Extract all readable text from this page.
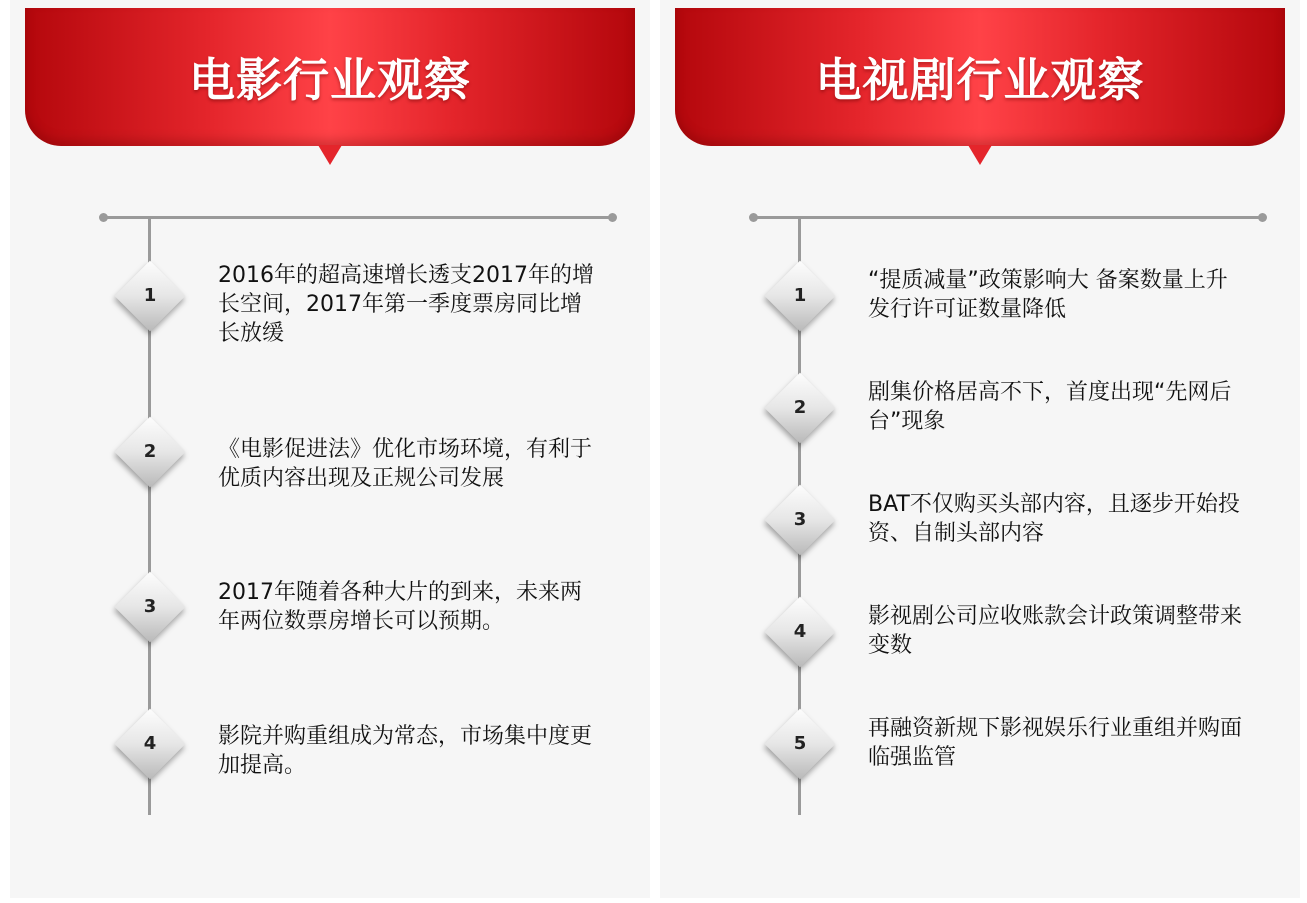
电影行业观察
1
2016年的超高速增长透支2017年的增长空间，2017年第一季度票房同比增长放缓
2	《电影促进法》优化市场环境，有利于优质内容出现及正规公司发展
3
2017年随着各种大片的到来，未来两年两位数票房增长可以预期。
4	影院并购重组成为常态，市场集中度更加提高。
电视剧行业观察
1
“提质减量”政策影响大 备案数量上升 发行许可证数量降低
2
剧集价格居高不下，首度出现“先网后台”现象
3
BAT不仅购买头部内容，且逐步开始投资、自制头部内容
4
影视剧公司应收账款会计政策调整带来变数
5
再融资新规下影视娱乐行业重组并购面临强监管
